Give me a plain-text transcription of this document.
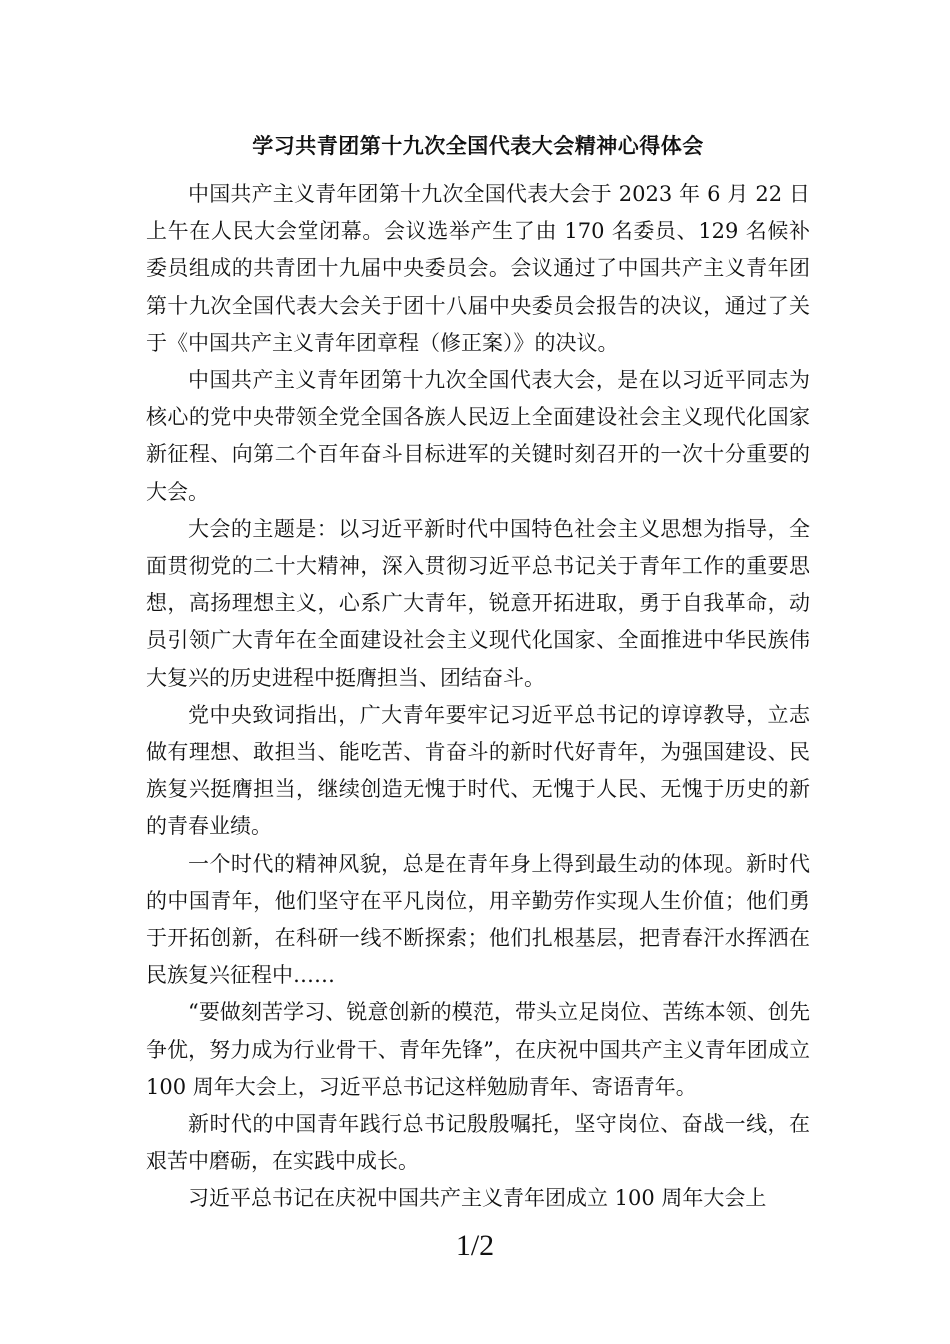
学习共青团第十九次全国代表大会精神心得体会

中国共产主义青年团第十九次全国代表大会于 2023 年 6 月 22 日上午在人民大会堂闭幕。会议选举产生了由 170 名委员、129 名候补委员组成的共青团十九届中央委员会。会议通过了中国共产主义青年团第十九次全国代表大会关于团十八届中央委员会报告的决议，通过了关于《中国共产主义青年团章程（修正案）》的决议。

中国共产主义青年团第十九次全国代表大会，是在以习近平同志为核心的党中央带领全党全国各族人民迈上全面建设社会主义现代化国家新征程、向第二个百年奋斗目标进军的关键时刻召开的一次十分重要的大会。

大会的主题是：以习近平新时代中国特色社会主义思想为指导，全面贯彻党的二十大精神，深入贯彻习近平总书记关于青年工作的重要思想，高扬理想主义，心系广大青年，锐意开拓进取，勇于自我革命，动员引领广大青年在全面建设社会主义现代化国家、全面推进中华民族伟大复兴的历史进程中挺膺担当、团结奋斗。

党中央致词指出，广大青年要牢记习近平总书记的谆谆教导，立志做有理想、敢担当、能吃苦、肯奋斗的新时代好青年，为强国建设、民族复兴挺膺担当，继续创造无愧于时代、无愧于人民、无愧于历史的新的青春业绩。

一个时代的精神风貌，总是在青年身上得到最生动的体现。新时代的中国青年，他们坚守在平凡岗位，用辛勤劳作实现人生价值；他们勇于开拓创新，在科研一线不断探索；他们扎根基层，把青春汗水挥洒在民族复兴征程中……

“要做刻苦学习、锐意创新的模范，带头立足岗位、苦练本领、创先争优，努力成为行业骨干、青年先锋”，在庆祝中国共产主义青年团成立 100 周年大会上，习近平总书记这样勉励青年、寄语青年。

新时代的中国青年践行总书记殷殷嘱托，坚守岗位、奋战一线，在艰苦中磨砺，在实践中成长。

习近平总书记在庆祝中国共产主义青年团成立 100 周年大会上

1/2
